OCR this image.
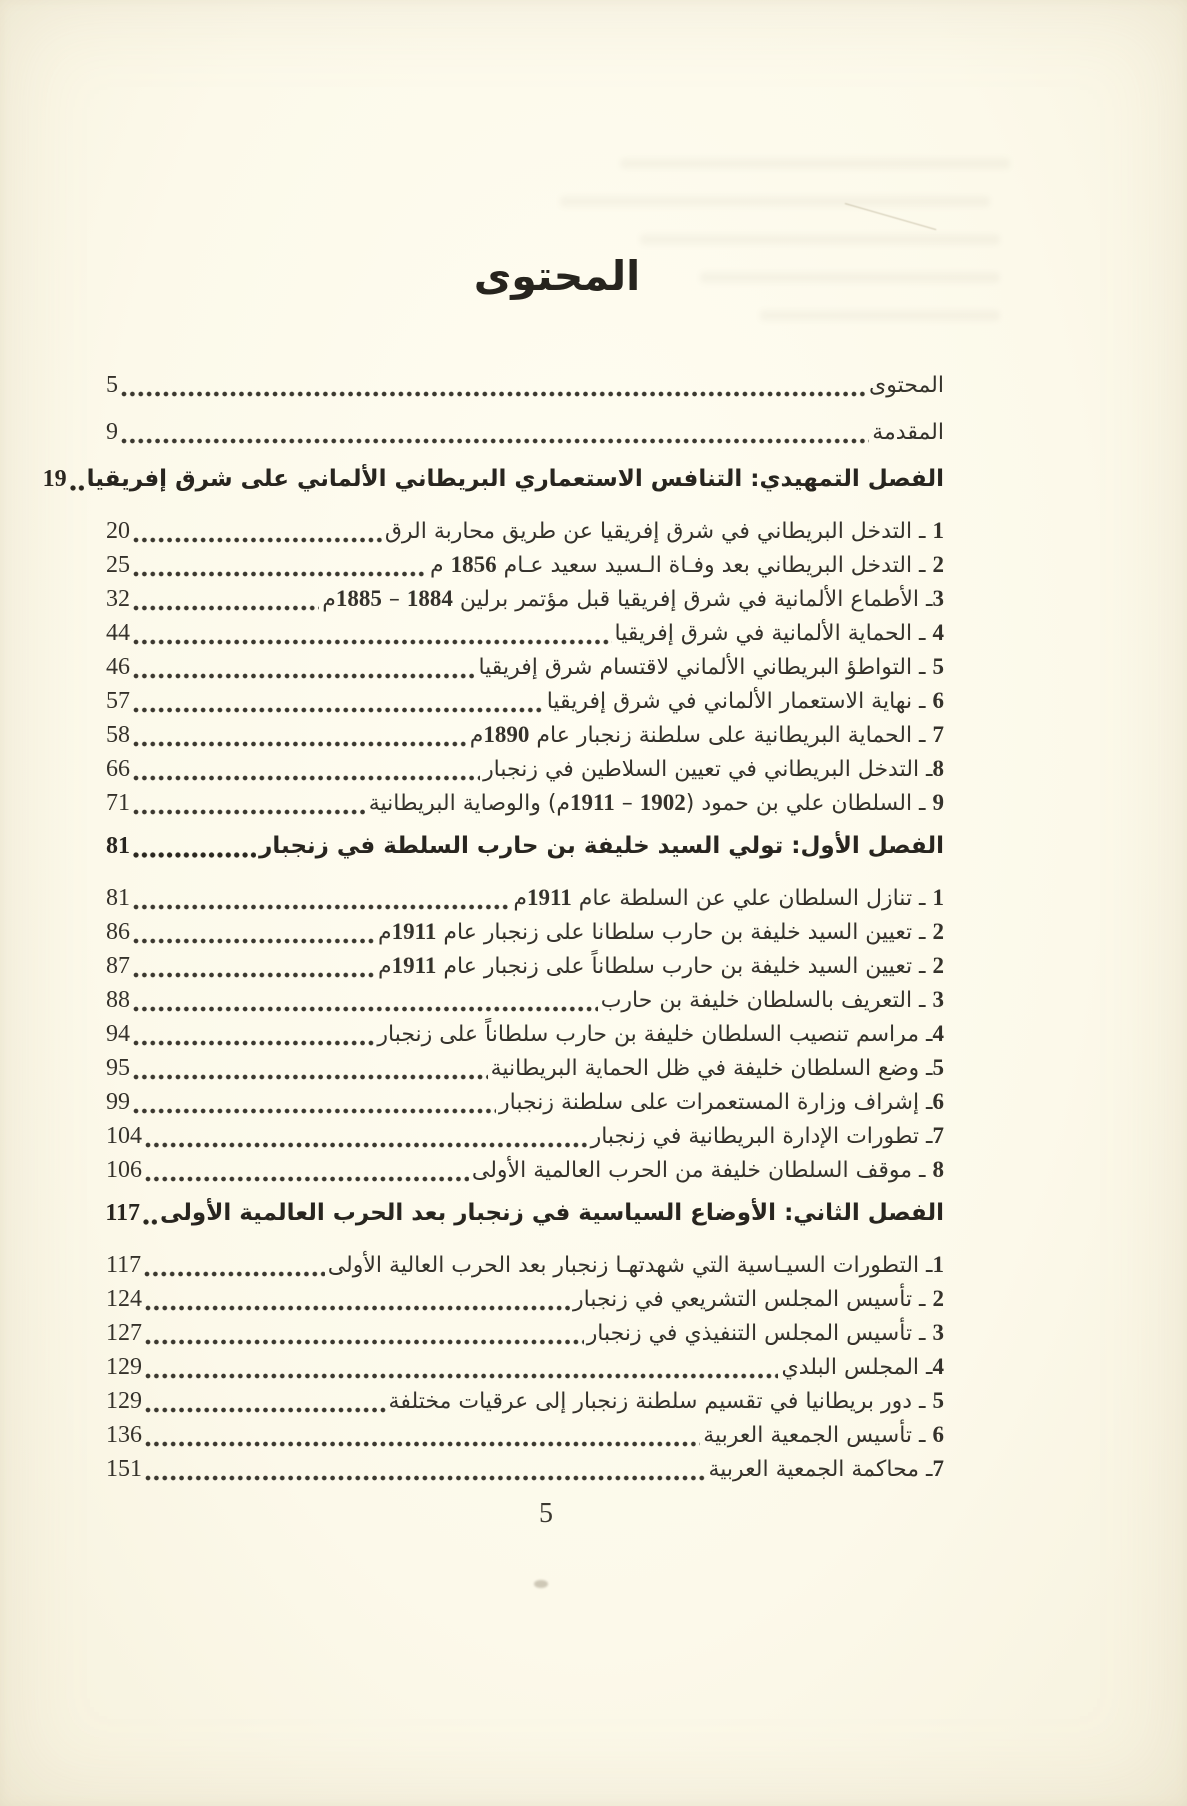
المحتوى
المحتوى
5
المقدمة
9
الفصل التمهيدي: التنافس الاستعماري البريطاني الألماني على شرق إفريقيا
19
1 ـ التدخل البريطاني في شرق إفريقيا عن طريق محاربة الرق
20
2 ـ التدخل البريطاني بعد وفـاة الـسيد سعيد عـام 1856 م
25
3ـ الأطماع الألمانية في شرق إفريقيا قبل مؤتمر برلين 1884 – 1885م
32
4 ـ الحماية الألمانية في شرق إفريقيا
44
5 ـ التواطؤ البريطاني الألماني لاقتسام شرق إفريقيا
46
6 ـ نهاية الاستعمار الألماني في شرق إفريقيا
57
7 ـ الحماية البريطانية على سلطنة زنجبار عام 1890م
58
8ـ التدخل البريطاني في تعيين السلاطين في زنجبار
66
9 ـ السلطان علي بن حمود (1902 – 1911م) والوصاية البريطانية
71
الفصل الأول: تولي السيد خليفة بن حارب السلطة في زنجبار
81
1 ـ تنازل السلطان علي عن السلطة عام 1911م
81
2 ـ تعيين السيد خليفة بن حارب سلطانا على زنجبار عام 1911م
86
2 ـ تعيين السيد خليفة بن حارب سلطاناً على زنجبار عام 1911م
87
3 ـ التعريف بالسلطان خليفة بن حارب
88
4ـ مراسم تنصيب السلطان خليفة بن حارب سلطاناً على زنجبار
94
5ـ وضع السلطان خليفة في ظل الحماية البريطانية
95
6ـ إشراف وزارة المستعمرات على سلطنة زنجبار
99
7ـ تطورات الإدارة البريطانية في زنجبار
104
8 ـ موقف السلطان خليفة من الحرب العالمية الأولى
106
الفصل الثاني: الأوضاع السياسية في زنجبار بعد الحرب العالمية الأولى
117
1ـ التطورات السيـاسية التي شهدتهـا زنجبار بعد الحرب العالية الأولى
117
2 ـ تأسيس المجلس التشريعي في زنجبار
124
3 ـ تأسيس المجلس التنفيذي في زنجبار
127
4ـ المجلس البلدي
129
5 ـ دور بريطانيا في تقسيم سلطنة زنجبار إلى عرقيات مختلفة
129
6 ـ تأسيس الجمعية العربية
136
7ـ محاكمة الجمعية العربية
151
5
